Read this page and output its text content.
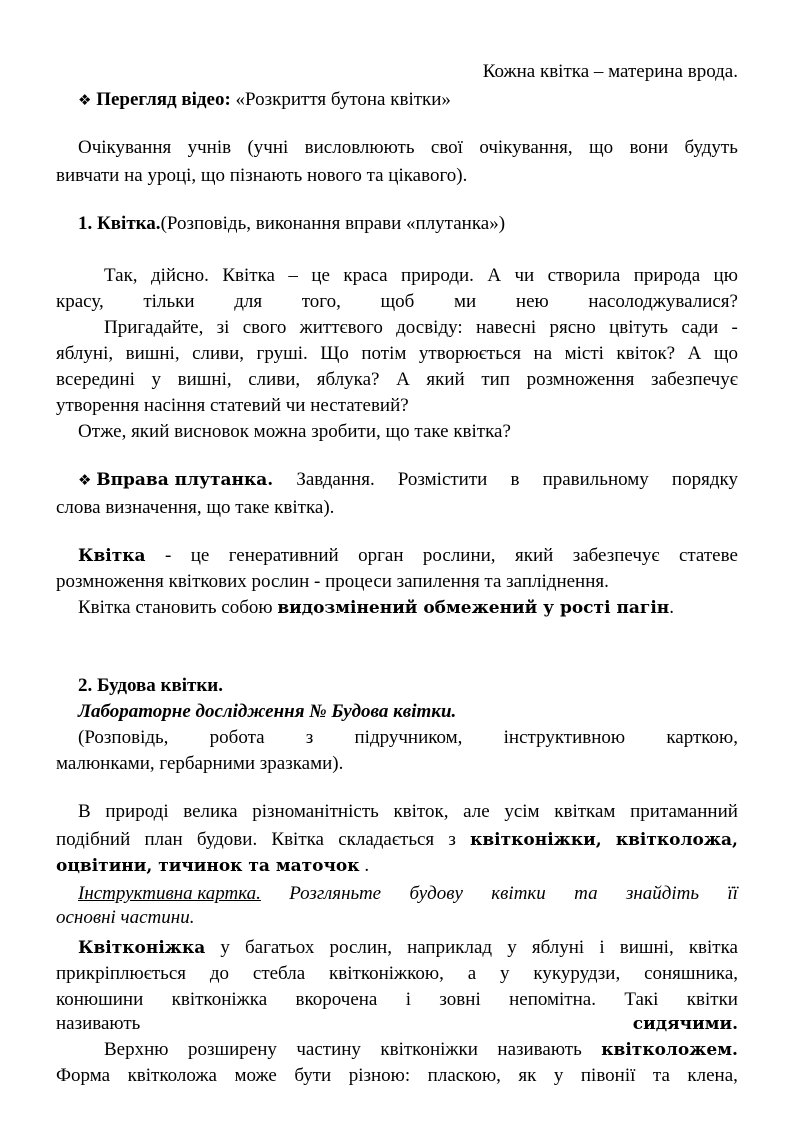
Кожна квітка – материна врода.
❖ Перегляд відео: «Розкриття бутона квітки»
Очікування учнів (учні висловлюють свої очікування, що вони будуть
вивчати на уроці, що пізнають нового та цікавого).
1. Квітка.(Розповідь, виконання вправи «плутанка»)
Так, дійсно. Квітка – це краса природи. А чи створила природа цю
красу, тільки для того, щоб ми нею насолоджувалися?
Пригадайте, зі свого життєвого досвіду: навесні рясно цвітуть сади -
яблуні, вишні, сливи, груші. Що потім утворюється на місті квіток? А що
всередині у вишні, сливи, яблука? А який тип розмноження забезпечує
утворення насіння статевий чи нестатевий?
Отже, який висновок можна зробити, що таке квітка?
❖ Вправа плутанка. Завдання. Розмістити в правильному порядку
слова визначення, що таке квітка).
Квітка - це генеративний орган рослини, який забезпечує статеве
розмноження квіткових рослин - процеси запилення та запліднення.
Квітка становить собою видозмінений обмежений у рості пагін.
2. Будова квітки.
Лабораторне дослідження № Будова квітки.
(Розповідь, робота з підручником, інструктивною карткою,
малюнками, гербарними зразками).
В природі велика різноманітність квіток, але усім квіткам притаманний
подібний план будови. Квітка складається з квітконіжки, квітколожа,
оцвітини, тичинок та маточок .
Інструктивна картка. Розгляньте будову квітки та знайдіть її
основні частини.
Квітконіжка у багатьох рослин, наприклад у яблуні і вишні, квітка
прикріплюється до стебла квітконіжкою, а у кукурудзи, соняшника,
конюшини квітконіжка вкорочена і зовні непомітна. Такі квітки
називають	сидячими.
Верхню розширену частину квітконіжки називають квітколожем.
Форма квітколожа може бути різною: плаcкою, як у півонії та клена,
